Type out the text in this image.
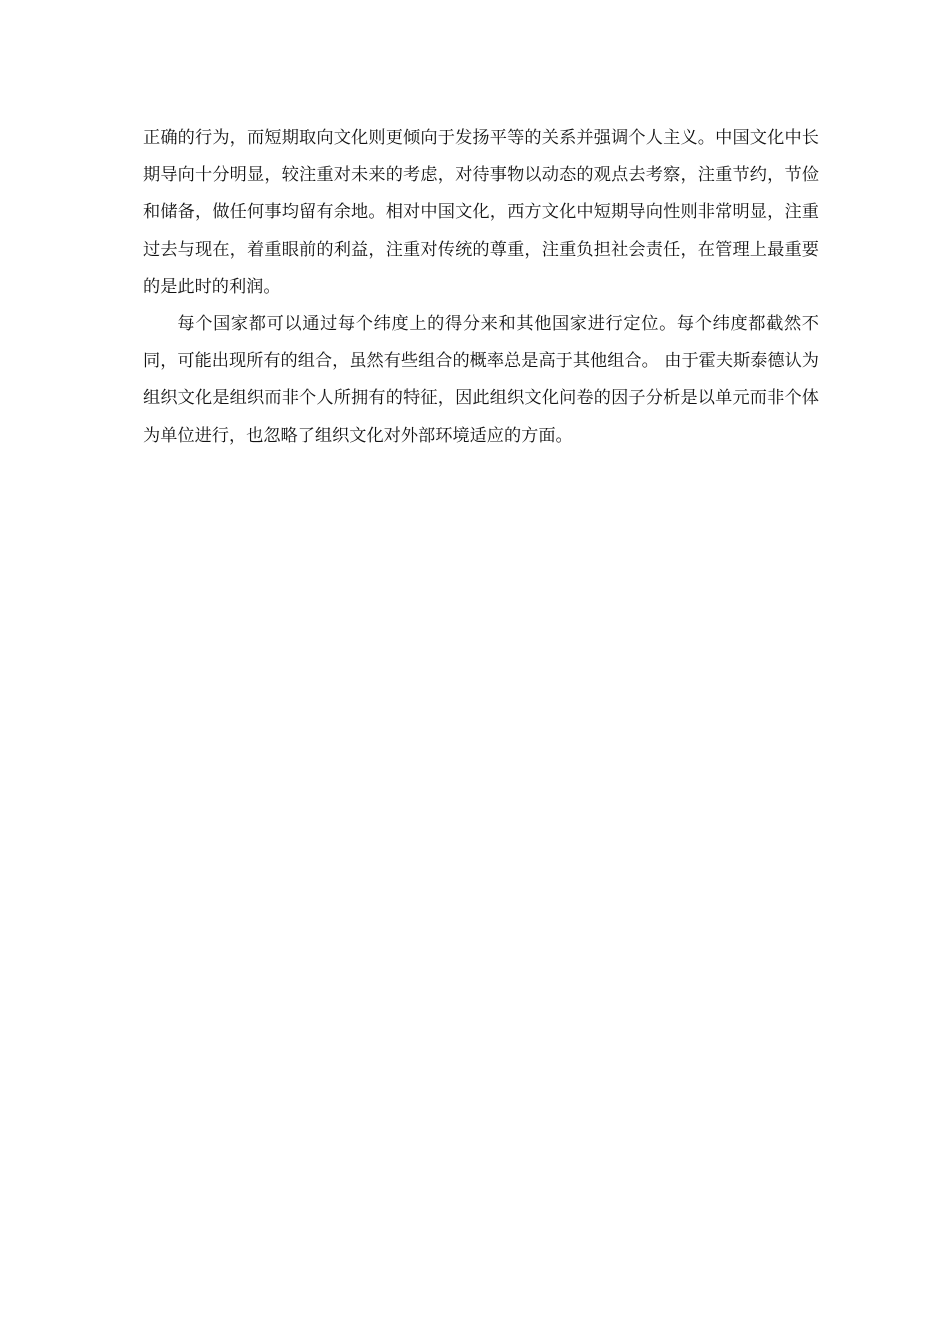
正确的行为，而短期取向文化则更倾向于发扬平等的关系并强调个人主义。中国文化中长期导向十分明显，较注重对未来的考虑，对待事物以动态的观点去考察，注重节约，节俭和储备，做任何事均留有余地。相对中国文化，西方文化中短期导向性则非常明显，注重过去与现在，着重眼前的利益，注重对传统的尊重，注重负担社会责任，在管理上最重要的是此时的利润。

每个国家都可以通过每个纬度上的得分来和其他国家进行定位。每个纬度都截然不同，可能出现所有的组合，虽然有些组合的概率总是高于其他组合。 由于霍夫斯泰德认为组织文化是组织而非个人所拥有的特征，因此组织文化问卷的因子分析是以单元而非个体为单位进行，也忽略了组织文化对外部环境适应的方面。
